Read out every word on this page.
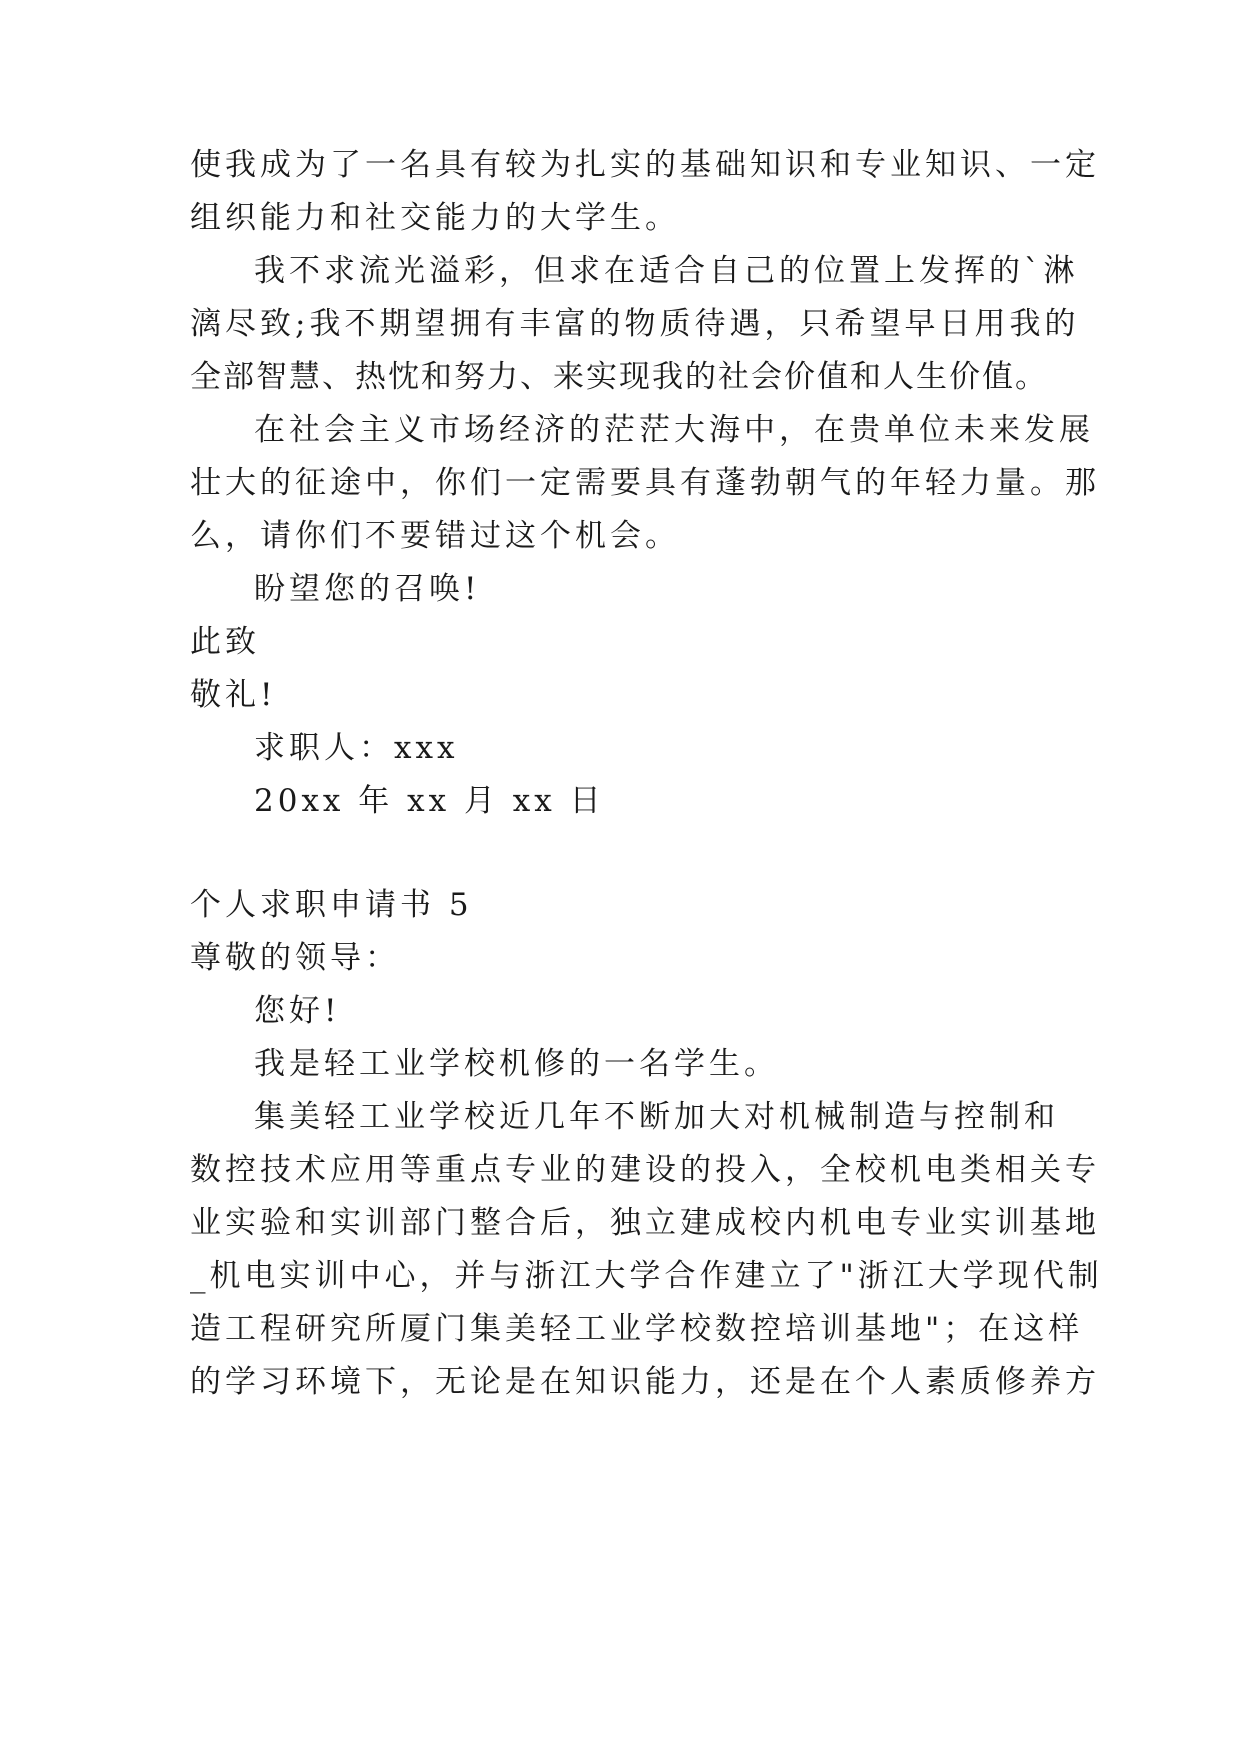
使我成为了一名具有较为扎实的基础知识和专业知识、一定
组织能力和社交能力的大学生。
我不求流光溢彩，但求在适合自己的位置上发挥的`淋
漓尽致;我不期望拥有丰富的物质待遇，只希望早日用我的
全部智慧、热忱和努力、来实现我的社会价值和人生价值。
在社会主义市场经济的茫茫大海中，在贵单位未来发展
壮大的征途中，你们一定需要具有蓬勃朝气的年轻力量。那
么，请你们不要错过这个机会。
盼望您的召唤!
此致
敬礼!
求职人：xxx
20xx 年 xx 月 xx 日
个人求职申请书 5
尊敬的领导：
您好!
我是轻工业学校机修的一名学生。
集美轻工业学校近几年不断加大对机械制造与控制和
数控技术应用等重点专业的建设的投入，全校机电类相关专
业实验和实训部门整合后，独立建成校内机电专业实训基地
_机电实训中心，并与浙江大学合作建立了"浙江大学现代制
造工程研究所厦门集美轻工业学校数控培训基地"；在这样
的学习环境下，无论是在知识能力，还是在个人素质修养方
